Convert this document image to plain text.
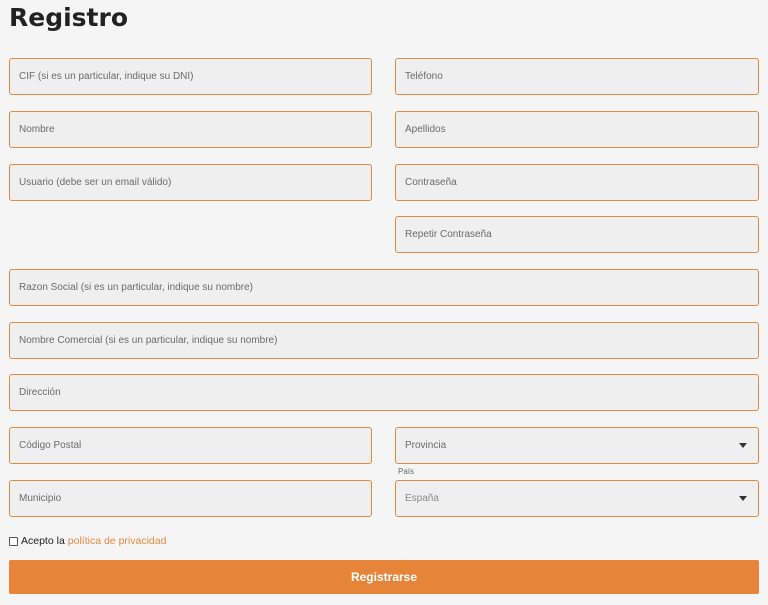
Registro
CIF (si es un particular, indique su DNI)	Teléfono
Nombre	Apellidos
Usuario (debe ser un email válido)	Contraseña
Repetir Contraseña
Razon Social (si es un particular, indique su nombre)
Nombre Comercial (si es un particular, indique su nombre)
Dirección
Código Postal	Provincia
País
Municipio	España
Acepto la política de privacidad
Registrarse
